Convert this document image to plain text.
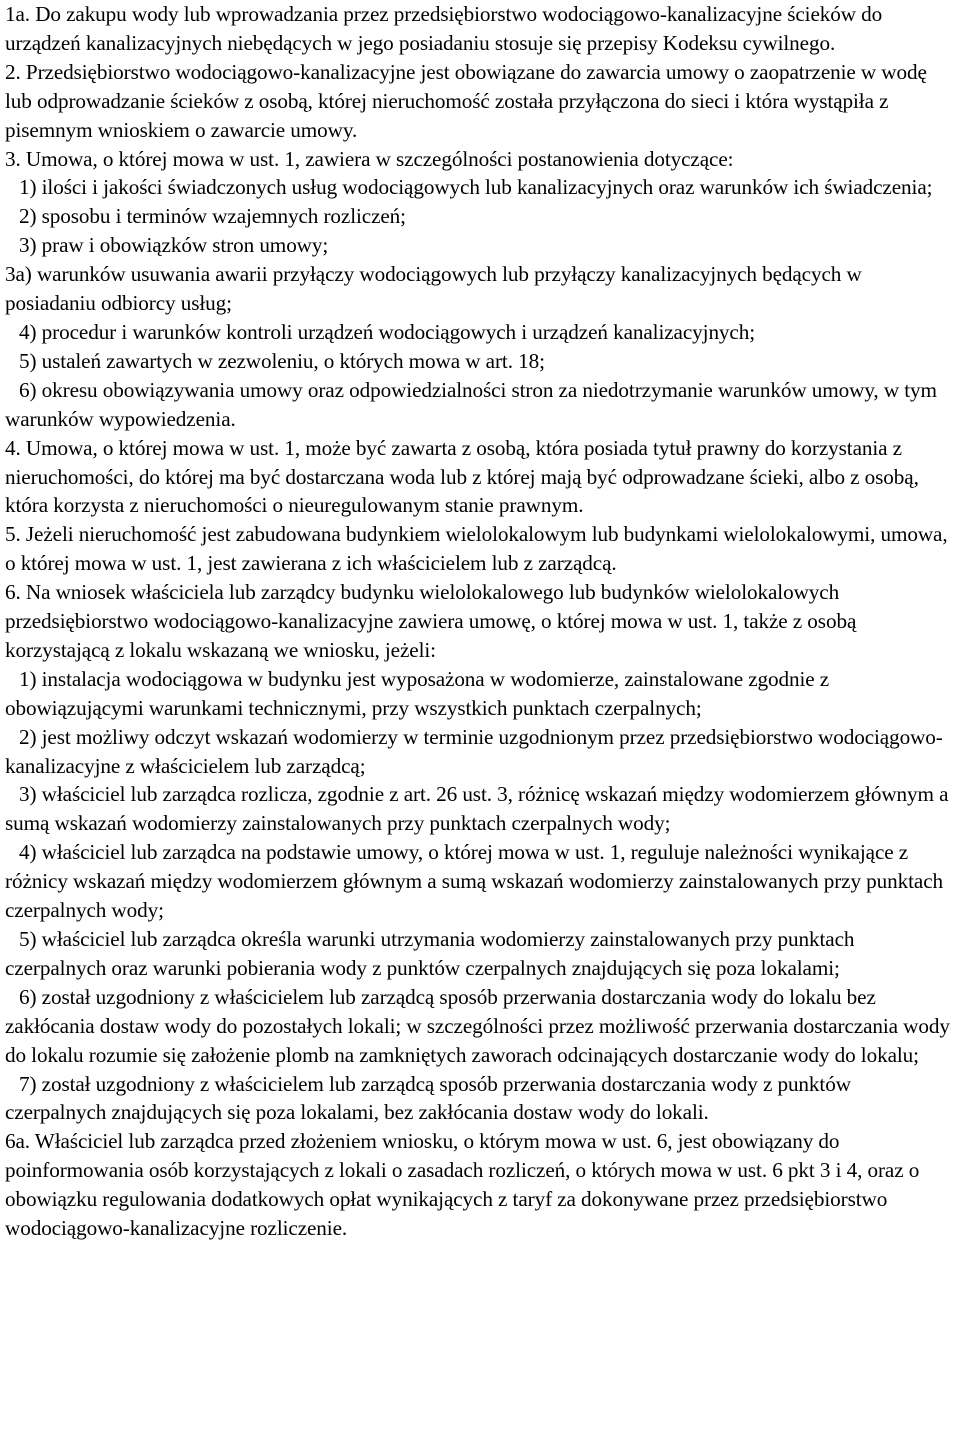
1a. Do zakupu wody lub wprowadzania przez przedsiębiorstwo wodociągowo-kanalizacyjne ścieków do urządzeń kanalizacyjnych niebędących w jego posiadaniu stosuje się przepisy Kodeksu cywilnego.

2. Przedsiębiorstwo wodociągowo-kanalizacyjne jest obowiązane do zawarcia umowy o zaopatrzenie w wodę lub odprowadzanie ścieków z osobą, której nieruchomość została przyłączona do sieci i która wystąpiła z pisemnym wnioskiem o zawarcie umowy.

3. Umowa, o której mowa w ust. 1, zawiera w szczególności postanowienia dotyczące:

1) ilości i jakości świadczonych usług wodociągowych lub kanalizacyjnych oraz warunków ich świadczenia;

2) sposobu i terminów wzajemnych rozliczeń;

3) praw i obowiązków stron umowy;

3a) warunków usuwania awarii przyłączy wodociągowych lub przyłączy kanalizacyjnych będących w posiadaniu odbiorcy usług;

4) procedur i warunków kontroli urządzeń wodociągowych i urządzeń kanalizacyjnych;

5) ustaleń zawartych w zezwoleniu, o których mowa w art. 18;

6) okresu obowiązywania umowy oraz odpowiedzialności stron za niedotrzymanie warunków umowy, w tym warunków wypowiedzenia.

4. Umowa, o której mowa w ust. 1, może być zawarta z osobą, która posiada tytuł prawny do korzystania z nieruchomości, do której ma być dostarczana woda lub z której mają być odprowadzane ścieki, albo z osobą, która korzysta z nieruchomości o nieuregulowanym stanie prawnym.

5. Jeżeli nieruchomość jest zabudowana budynkiem wielolokalowym lub budynkami wielolokalowymi, umowa, o której mowa w ust. 1, jest zawierana z ich właścicielem lub z zarządcą.

6. Na wniosek właściciela lub zarządcy budynku wielolokalowego lub budynków wielolokalowych przedsiębiorstwo wodociągowo-kanalizacyjne zawiera umowę, o której mowa w ust. 1, także z osobą korzystającą z lokalu wskazaną we wniosku, jeżeli:

1) instalacja wodociągowa w budynku jest wyposażona w wodomierze, zainstalowane zgodnie z obowiązującymi warunkami technicznymi, przy wszystkich punktach czerpalnych;

2) jest możliwy odczyt wskazań wodomierzy w terminie uzgodnionym przez przedsiębiorstwo wodociągowo-kanalizacyjne z właścicielem lub zarządcą;

3) właściciel lub zarządca rozlicza, zgodnie z art. 26 ust. 3, różnicę wskazań między wodomierzem głównym a sumą wskazań wodomierzy zainstalowanych przy punktach czerpalnych wody;

4) właściciel lub zarządca na podstawie umowy, o której mowa w ust. 1, reguluje należności wynikające z różnicy wskazań między wodomierzem głównym a sumą wskazań wodomierzy zainstalowanych przy punktach czerpalnych wody;

5) właściciel lub zarządca określa warunki utrzymania wodomierzy zainstalowanych przy punktach czerpalnych oraz warunki pobierania wody z punktów czerpalnych znajdujących się poza lokalami;

6) został uzgodniony z właścicielem lub zarządcą sposób przerwania dostarczania wody do lokalu bez zakłócania dostaw wody do pozostałych lokali; w szczególności przez możliwość przerwania dostarczania wody do lokalu rozumie się założenie plomb na zamkniętych zaworach odcinających dostarczanie wody do lokalu;

7) został uzgodniony z właścicielem lub zarządcą sposób przerwania dostarczania wody z punktów czerpalnych znajdujących się poza lokalami, bez zakłócania dostaw wody do lokali.

6a. Właściciel lub zarządca przed złożeniem wniosku, o którym mowa w ust. 6, jest obowiązany do poinformowania osób korzystających z lokali o zasadach rozliczeń, o których mowa w ust. 6 pkt 3 i 4, oraz o obowiązku regulowania dodatkowych opłat wynikających z taryf za dokonywane przez przedsiębiorstwo wodociągowo-kanalizacyjne rozliczenie.
